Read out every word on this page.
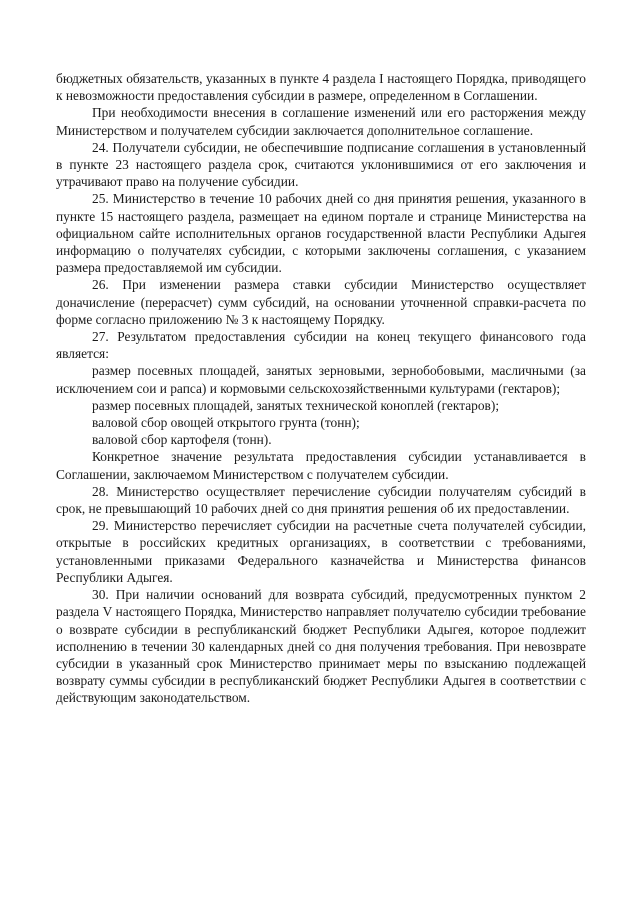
бюджетных обязательств, указанных в пункте 4 раздела I настоящего Порядка, приводящего к невозможности предоставления субсидии в размере, определенном в Соглашении.

При необходимости внесения в соглашение изменений или его расторжения между Министерством и получателем субсидии заключается дополнительное соглашение.

24. Получатели субсидии, не обеспечившие подписание соглашения в установленный в пункте 23 настоящего раздела срок, считаются уклонившимися от его заключения и утрачивают право на получение субсидии.

25. Министерство в течение 10 рабочих дней со дня принятия решения, указанного в пункте 15 настоящего раздела, размещает на едином портале и странице Министерства на официальном сайте исполнительных органов государственной власти Республики Адыгея информацию о получателях субсидии, с которыми заключены соглашения, с указанием размера предоставляемой им субсидии.

26. При изменении размера ставки субсидии Министерство осуществляет доначисление (перерасчет) сумм субсидий, на основании уточненной справки-расчета по форме согласно приложению № 3 к настоящему Порядку.

27. Результатом предоставления субсидии на конец текущего финансового года является:

размер посевных площадей, занятых зерновыми, зернобобовыми, масличными (за исключением сои и рапса) и кормовыми сельскохозяйственными культурами (гектаров);

размер посевных площадей, занятых технической коноплей (гектаров);

валовой сбор овощей открытого грунта (тонн);

валовой сбор картофеля (тонн).

Конкретное значение результата предоставления субсидии устанавливается в Соглашении, заключаемом Министерством с получателем субсидии.

28. Министерство осуществляет перечисление субсидии получателям субсидий в срок, не превышающий 10 рабочих дней со дня принятия решения об их предоставлении.

29. Министерство перечисляет субсидии на расчетные счета получателей субсидии, открытые в российских кредитных организациях, в соответствии с требованиями, установленными приказами Федерального казначейства и Министерства финансов Республики Адыгея.

30. При наличии оснований для возврата субсидий, предусмотренных пунктом 2 раздела V настоящего Порядка, Министерство направляет получателю субсидии требование о возврате субсидии в республиканский бюджет Республики Адыгея, которое подлежит исполнению в течении 30 календарных дней со дня получения требования. При невозврате субсидии в указанный срок Министерство принимает меры по взысканию подлежащей возврату суммы субсидии в республиканский бюджет Республики Адыгея в соответствии с действующим законодательством.
